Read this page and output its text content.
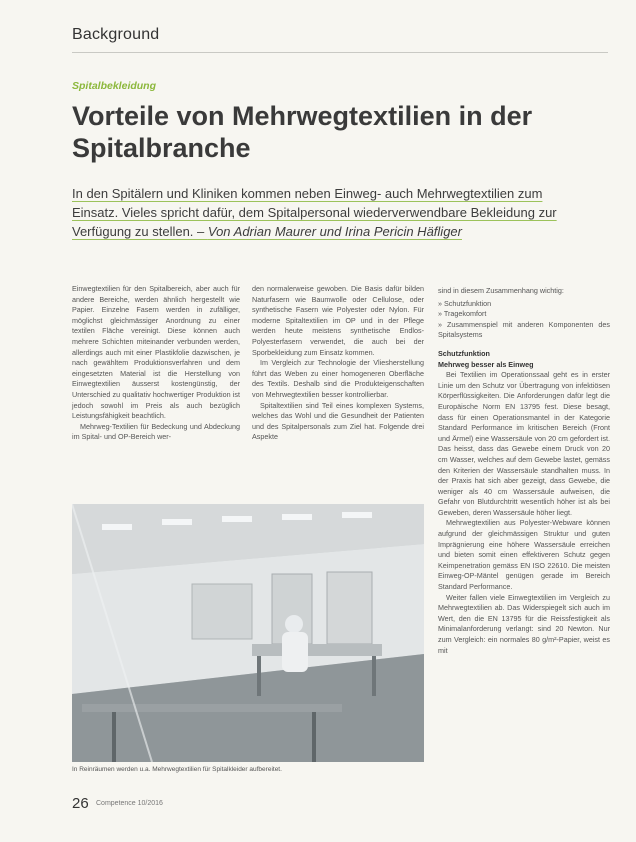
Background
Spitalbekleidung
Vorteile von Mehrwegtextilien in der Spitalbranche
In den Spitälern und Kliniken kommen neben Einweg- auch Mehrwegtextilien zum Einsatz. Vieles spricht dafür, dem Spitalpersonal wiederverwendbare Bekleidung zur Verfügung zu stellen. – Von Adrian Maurer und Irina Pericin Häfliger

Einwegtextilien für den Spitalbereich, aber auch für andere Bereiche, werden ähnlich hergestellt wie Papier. Einzelne Fasern werden in zufälliger, möglichst gleichmässiger Anordnung zu einer textilen Fläche vereinigt. Diese können auch mehrere Schichten miteinander verbunden werden, allerdings auch mit einer Plastikfolie dazwischen, je nach gewähltem Produktionsverfahren und dem eingesetzten Material ist die Herstellung von Einwegtextilien äusserst kostengünstig, der Unterschied zu qualitativ hochwertiger Produktion ist jedoch sowohl im Preis als auch bezüglich Leistungsfähigkeit beachtlich.

Mehrweg-Textilien für Bedeckung und Abdeckung im Spital- und OP-Bereich wer-

den normalerweise gewoben. Die Basis dafür bilden Naturfasern wie Baumwolle oder Cellulose, oder synthetische Fasern wie Polyester oder Nylon. Für moderne Spitaltextilien im OP und in der Pflege werden heute meistens synthetische Endlos-Polyesterfasern verwendet, die auch bei der Sporbekleidung zum Einsatz kommen.

Im Vergleich zur Technologie der Vliesherstellung führt das Weben zu einer homogeneren Oberfläche des Textils. Deshalb sind die Produkteigenschaften von Mehrwegtextilien besser kontrollierbar.

Spitaltextilien sind Teil eines komplexen Systems, welches das Wohl und die Gesundheit der Patienten und des Spitalpersonals zum Ziel hat. Folgende drei Aspekte

sind in diesem Zusammenhang wichtig:

» Schutzfunktion
» Tragekomfort
» Zusammenspiel mit anderen Komponenten des Spitalsystems

Schutzfunktion

Mehrweg besser als Einweg

Bei Textilien im Operationssaal geht es in erster Linie um den Schutz vor Übertragung von infektiösen Körperflüssigkeiten. Die Anforderungen dafür legt die Europäische Norm EN 13795 fest. Diese besagt, dass für einen Operationsmantel in der Kategorie Standard Performance im kritischen Bereich (Front und Ärmel) eine Wassersäule von 20 cm gefordert ist. Das heisst, dass das Gewebe einem Druck von 20 cm Wasser, welches auf dem Gewebe lastet, gemäss den Kriterien der Wassersäule standhalten muss. In der Praxis hat sich aber gezeigt, dass Gewebe, die weniger als 40 cm Wassersäule aufweisen, die Gefahr von Blutdurchtritt wesentlich höher ist als bei Geweben, deren Wassersäule höher liegt.

Mehrwegtextilien aus Polyester-Webware können aufgrund der gleichmässigen Struktur und guten Imprägnierung eine höhere Wassersäule erreichen und bieten somit einen effektiveren Schutz gegen Keimpenetration gemäss EN ISO 22610. Die meisten Einweg-OP-Mäntel genügen gerade im Bereich Standard Performance.

Weiter fallen viele Einwegtextilien im Vergleich zu Mehrwegtextilien ab. Das Widerspiegelt sich auch im Wert, den die EN 13795 für die Reissfestigkeit als Minimalanforderung verlangt: sind 20 Newton. Nur zum Vergleich: ein normales 80 g/m²-Papier, weist es mit

In Reinräumen werden u.a. Mehrwegtextilien für Spitalkleider aufbereitet.
26 Competence 10/2016
